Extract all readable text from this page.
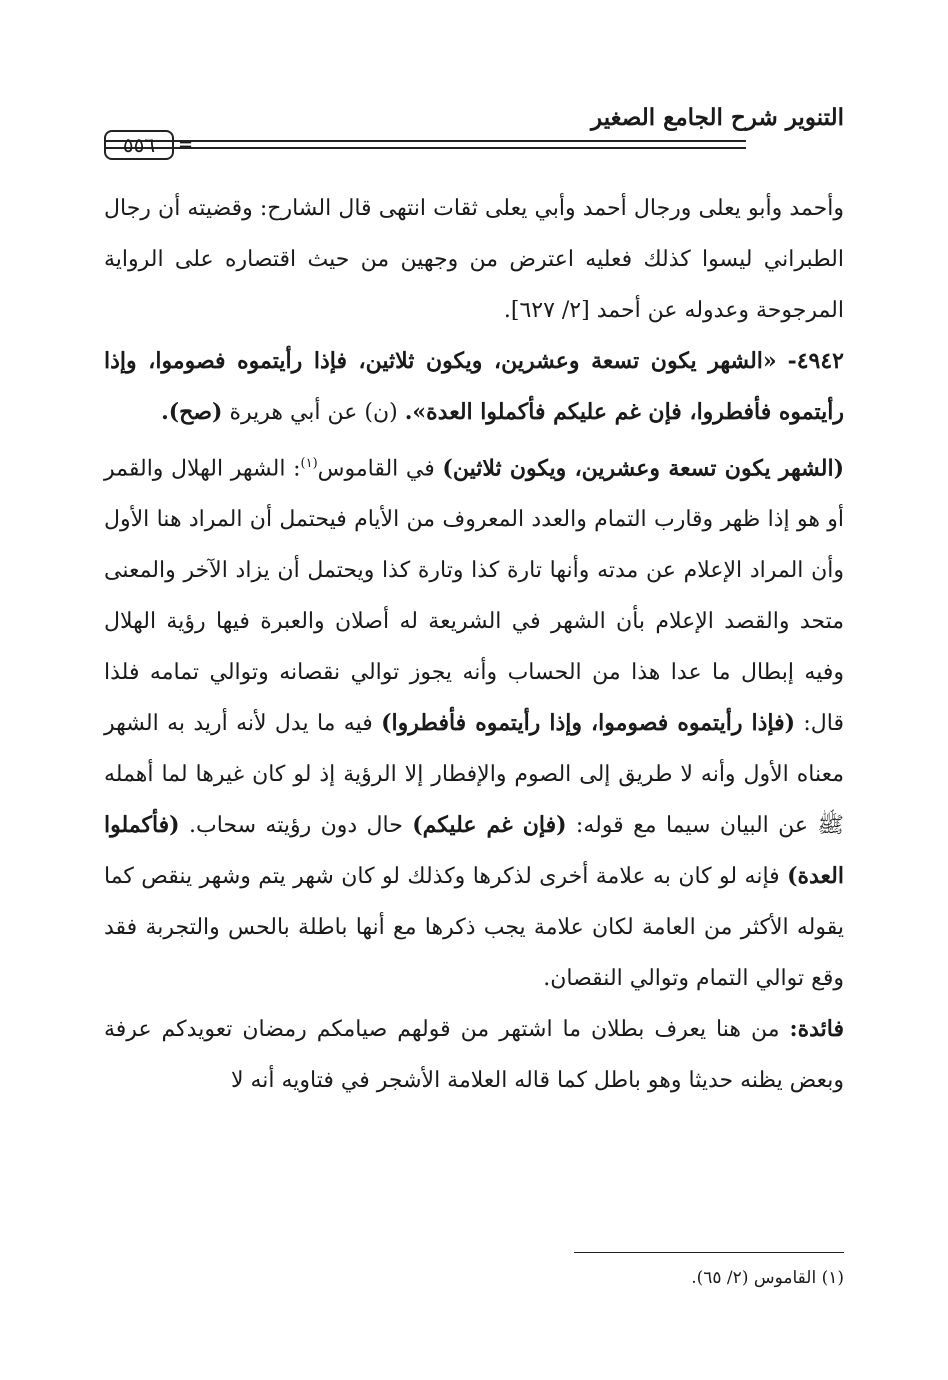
التنوير شرح الجامع الصغير
٥٥٦	=

وأحمد وأبو يعلى ورجال أحمد وأبي يعلى ثقات انتهى قال الشارح: وقضيته أن رجال الطبراني ليسوا كذلك فعليه اعترض من وجهين من حيث اقتصاره على الرواية المرجوحة وعدوله عن أحمد [٢/ ٦٢٧].

٤٩٤٢- «الشهر يكون تسعة وعشرين، ويكون ثلاثين، فإذا رأيتموه فصوموا، وإذا رأيتموه فأفطروا، فإن غم عليكم فأكملوا العدة». (ن) عن أبي هريرة (صح).

(الشهر يكون تسعة وعشرين، ويكون ثلاثين) في القاموس$^{(١)}$: الشهر الهلال والقمر أو هو إذا ظهر وقارب التمام والعدد المعروف من الأيام فيحتمل أن المراد هنا الأول وأن المراد الإعلام عن مدته وأنها تارة كذا وتارة كذا ويحتمل أن يزاد الآخر والمعنى متحد والقصد الإعلام بأن الشهر في الشريعة له أصلان والعبرة فيها رؤية الهلال وفيه إبطال ما عدا هذا من الحساب وأنه يجوز توالي نقصانه وتوالي تمامه فلذا قال: (فإذا رأيتموه فصوموا، وإذا رأيتموه فأفطروا) فيه ما يدل لأنه أريد به الشهر معناه الأول وأنه لا طريق إلى الصوم والإفطار إلا الرؤية إذ لو كان غيرها لما أهمله ﷺ عن البيان سيما مع قوله: (فإن غم عليكم) حال دون رؤيته سحاب. (فأكملوا العدة) فإنه لو كان به علامة أخرى لذكرها وكذلك لو كان شهر يتم وشهر ينقص كما يقوله الأكثر من العامة لكان علامة يجب ذكرها مع أنها باطلة بالحس والتجربة فقد وقع توالي التمام وتوالي النقصان.

فائدة: من هنا يعرف بطلان ما اشتهر من قولهم صيامكم رمضان تعويدكم عرفة وبعض يظنه حديثا وهو باطل كما قاله العلامة الأشجر في فتاويه أنه لا

(١) القاموس (٢/ ٦٥).
